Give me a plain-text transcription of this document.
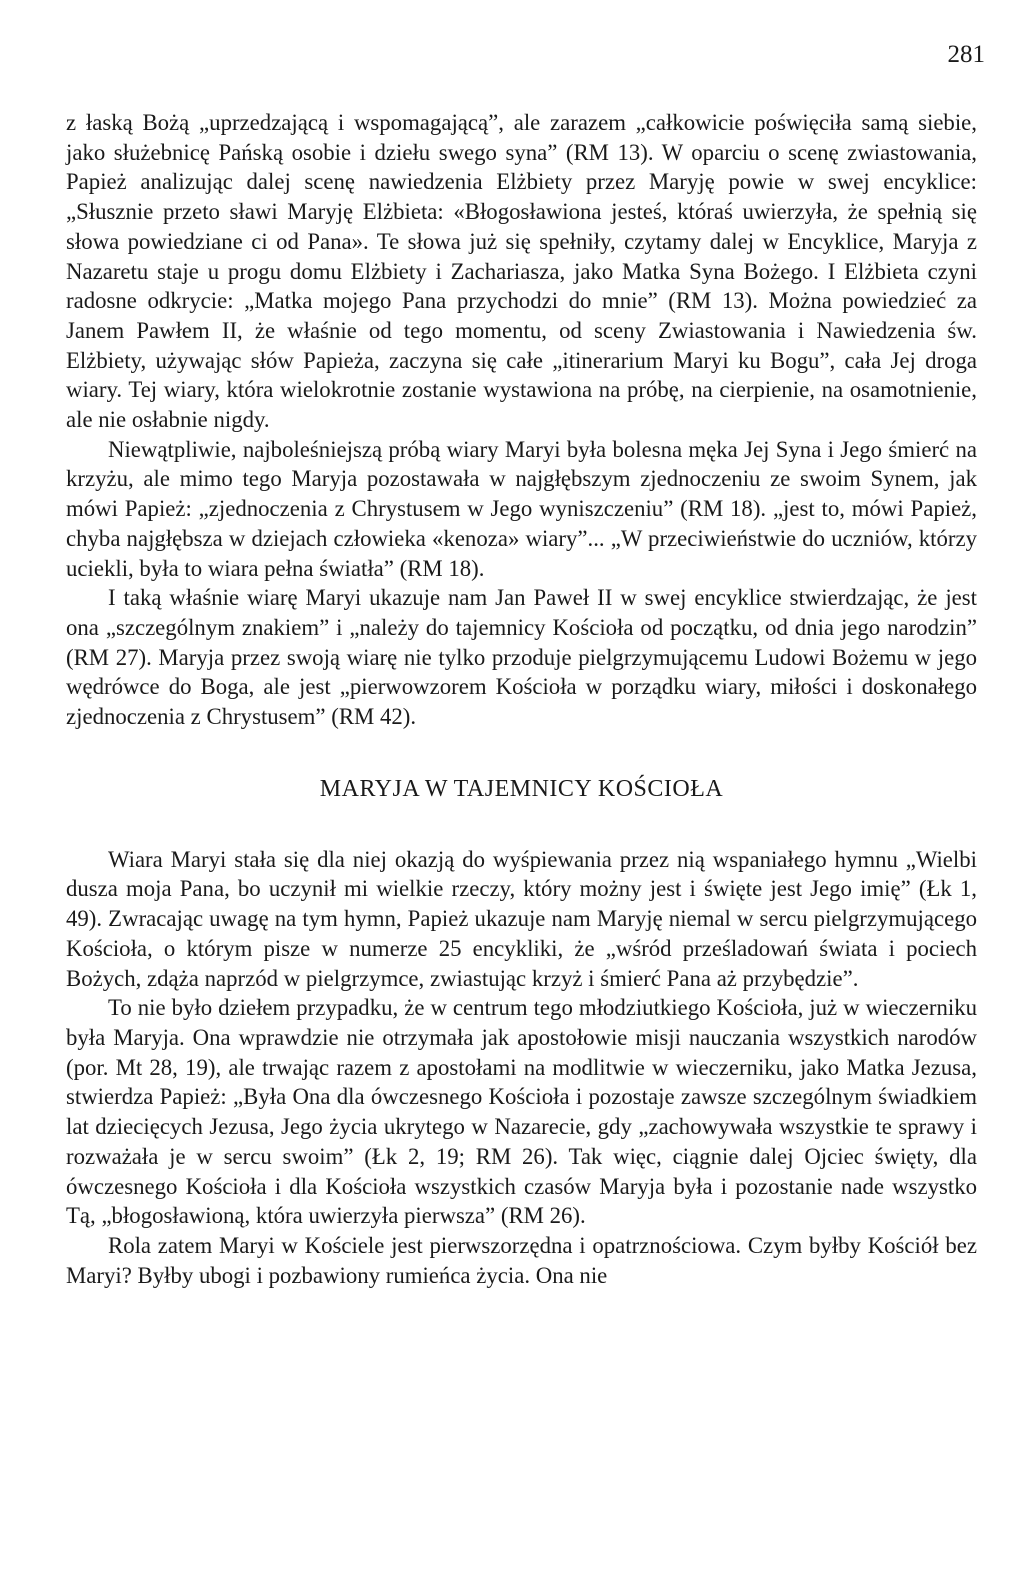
281

z łaską Bożą „uprzedzającą i wspomagającą”, ale zarazem „całkowicie poświęciła samą siebie, jako służebnicę Pańską osobie i dziełu swego syna” (RM 13). W oparciu o scenę zwiastowania, Papież analizując dalej scenę nawiedzenia Elżbiety przez Maryję powie w swej encyklice: „Słusznie przeto sławi Maryję Elżbieta: «Błogosławiona jesteś, któraś uwierzyła, że spełnią się słowa powiedziane ci od Pana». Te słowa już się spełniły, czytamy dalej w Encyklice, Maryja z Nazaretu staje u progu domu Elżbiety i Zachariasza, jako Matka Syna Bożego. I Elżbieta czyni radosne odkrycie: „Matka mojego Pana przychodzi do mnie” (RM 13). Można powiedzieć za Janem Pawłem II, że właśnie od tego momentu, od sceny Zwiastowania i Nawiedzenia św. Elżbiety, używając słów Papieża, zaczyna się całe „itinerarium Maryi ku Bogu”, cała Jej droga wiary. Tej wiary, która wielokrotnie zostanie wystawiona na próbę, na cierpienie, na osamotnienie, ale nie osłabnie nigdy.

Niewątpliwie, najboleśniejszą próbą wiary Maryi była bolesna męka Jej Syna i Jego śmierć na krzyżu, ale mimo tego Maryja pozostawała w najgłębszym zjednoczeniu ze swoim Synem, jak mówi Papież: „zjednoczenia z Chrystusem w Jego wyniszczeniu” (RM 18). „jest to, mówi Papież, chyba najgłębsza w dziejach człowieka «kenoza» wiary”... „W przeciwieństwie do uczniów, którzy uciekli, była to wiara pełna światła” (RM 18).

I taką właśnie wiarę Maryi ukazuje nam Jan Paweł II w swej encyklice stwierdzając, że jest ona „szczególnym znakiem” i „należy do tajemnicy Kościoła od początku, od dnia jego narodzin” (RM 27). Maryja przez swoją wiarę nie tylko przoduje pielgrzymującemu Ludowi Bożemu w jego wędrówce do Boga, ale jest „pierwowzorem Kościoła w porządku wiary, miłości i doskonałego zjednoczenia z Chrystusem” (RM 42).

MARYJA W TAJEMNICY KOŚCIOŁA

Wiara Maryi stała się dla niej okazją do wyśpiewania przez nią wspaniałego hymnu „Wielbi dusza moja Pana, bo uczynił mi wielkie rzeczy, który możny jest i święte jest Jego imię” (Łk 1, 49). Zwracając uwagę na tym hymn, Papież ukazuje nam Maryję niemal w sercu pielgrzymującego Kościoła, o którym pisze w numerze 25 encykliki, że „wśród prześladowań świata i pociech Bożych, zdąża naprzód w pielgrzymce, zwiastując krzyż i śmierć Pana aż przybędzie”.

To nie było dziełem przypadku, że w centrum tego młodziutkiego Kościoła, już w wieczerniku była Maryja. Ona wprawdzie nie otrzymała jak apostołowie misji nauczania wszystkich narodów (por. Mt 28, 19), ale trwając razem z apostołami na modlitwie w wieczerniku, jako Matka Jezusa, stwierdza Papież: „Była Ona dla ówczesnego Kościoła i pozostaje zawsze szczególnym świadkiem lat dziecięcych Jezusa, Jego życia ukrytego w Nazarecie, gdy „zachowywała wszystkie te sprawy i rozważała je w sercu swoim” (Łk 2, 19; RM 26). Tak więc, ciągnie dalej Ojciec święty, dla ówczesnego Kościoła i dla Kościoła wszystkich czasów Maryja była i pozostanie nade wszystko Tą, „błogosławioną, która uwierzyła pierwsza” (RM 26).

Rola zatem Maryi w Kościele jest pierwszorzędna i opatrznościowa. Czym byłby Kościół bez Maryi? Byłby ubogi i pozbawiony rumieńca życia. Ona nie
